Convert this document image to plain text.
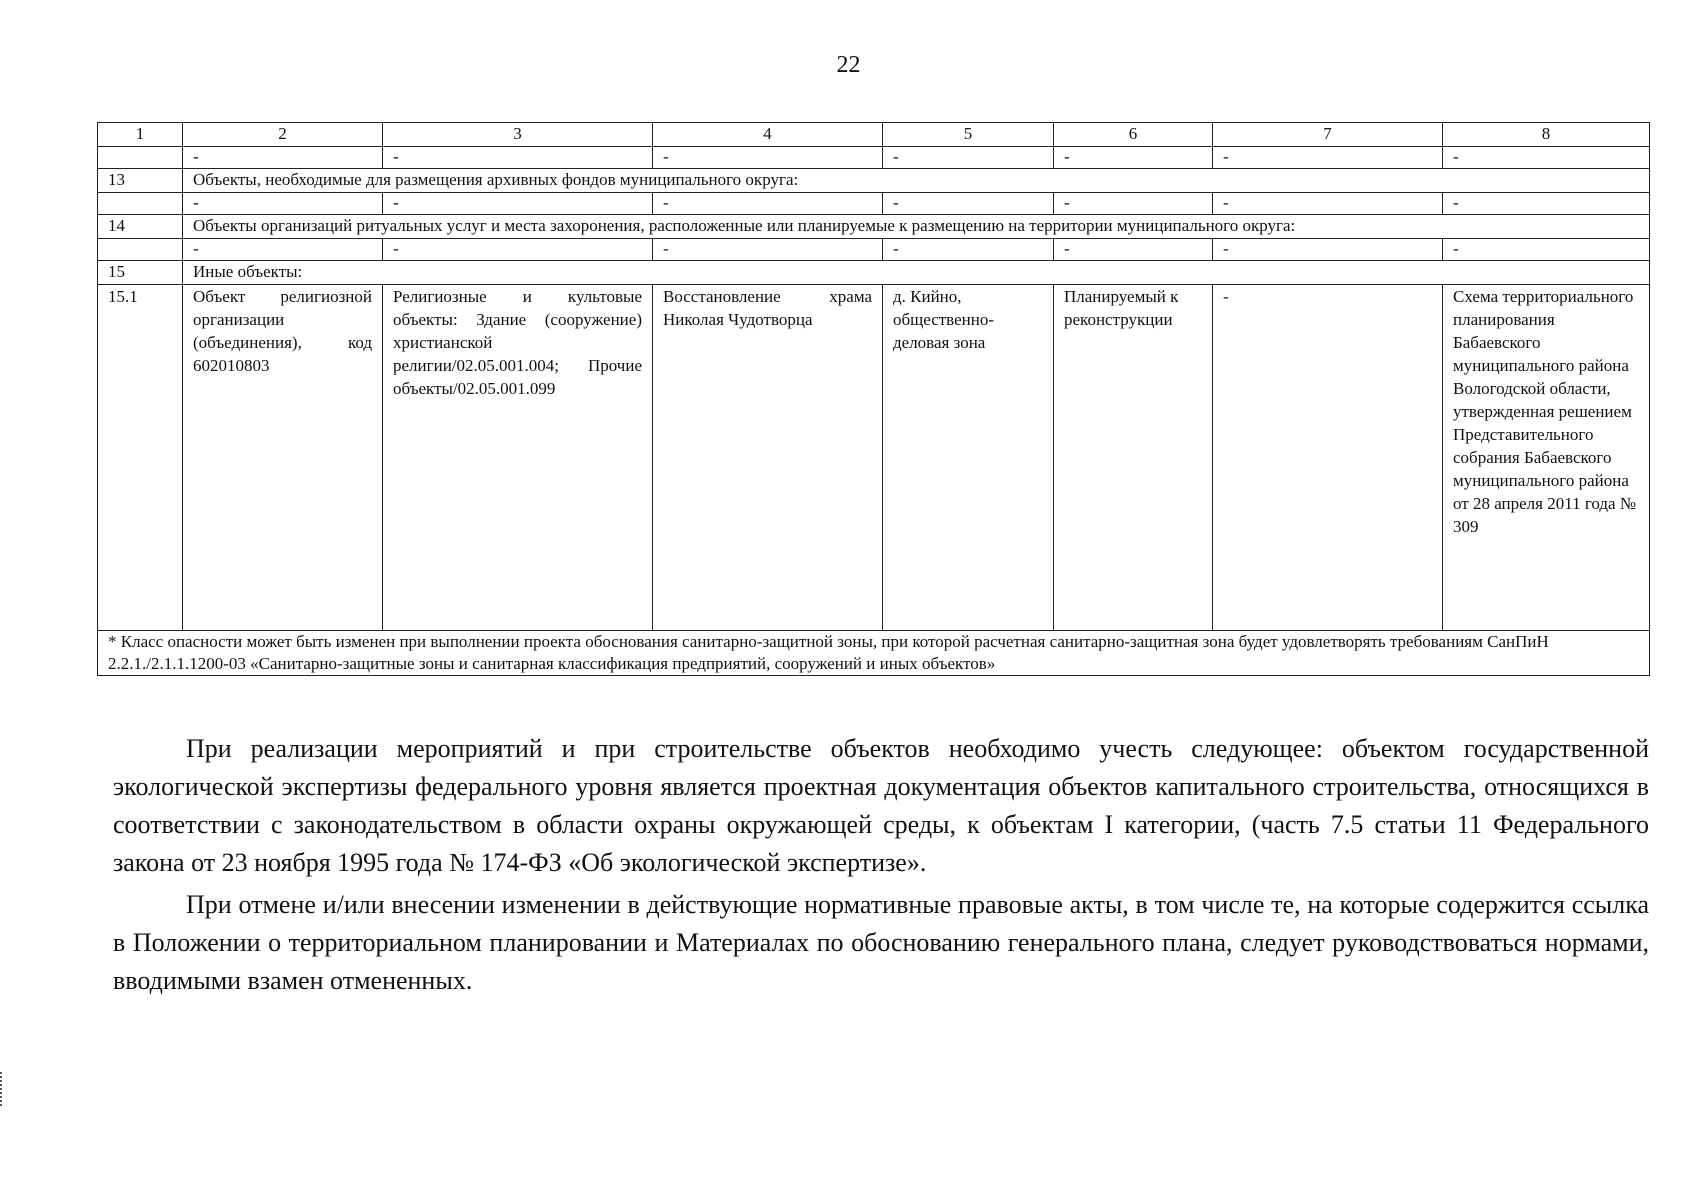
22
1	2	3	4	5	6	7	8
	-	-	-	-	-	-	-
13	Объекты, необходимые для размещения архивных фондов муниципального округа:						
	-	-	-	-	-	-	-
14	Объекты организаций ритуальных услуг и места захоронения, расположенные или планируемые к размещению на территории муниципального округа:						
	-	-	-	-	-	-	-
15	Иные объекты:						
15.1	Объект религиозной организации (объединения), код 602010803	Религиозные и культовые объекты: Здание (сооружение) христианской религии/02.05.001.004; Прочие объекты/02.05.001.099	Восстановление храма Николая Чудотворца	д. Кийно, общественно-деловая зона	Планируемый к реконструкции	-	Схема территориального планирования Бабаевского муниципального района Вологодской области, утвержденная решением Представительного собрания Бабаевского муниципального района от 28 апреля 2011 года № 309
* Класс опасности может быть изменен при выполнении проекта обоснования санитарно-защитной зоны, при которой расчетная санитарно-защитная зона будет удовлетворять требованиям СанПиН 2.2.1./2.1.1.1200-03 «Санитарно-защитные зоны и санитарная классификация предприятий, сооружений и иных объектов»							

При реализации мероприятий и при строительстве объектов необходимо учесть следующее: объектом государственной экологической экспертизы федерального уровня является проектная документация объектов капитального строительства, относящихся в соответствии с законодательством в области охраны окружающей среды, к объектам I категории, (часть 7.5 статьи 11 Федерального закона от 23 ноября 1995 года № 174-ФЗ «Об экологической экспертизе».

При отмене и/или внесении изменении в действующие нормативные правовые акты, в том числе те, на которые содержится ссылка в Положении о территориальном планировании и Материалах по обоснованию генерального плана, следует руководствоваться нормами, вводимыми взамен отмененных.
